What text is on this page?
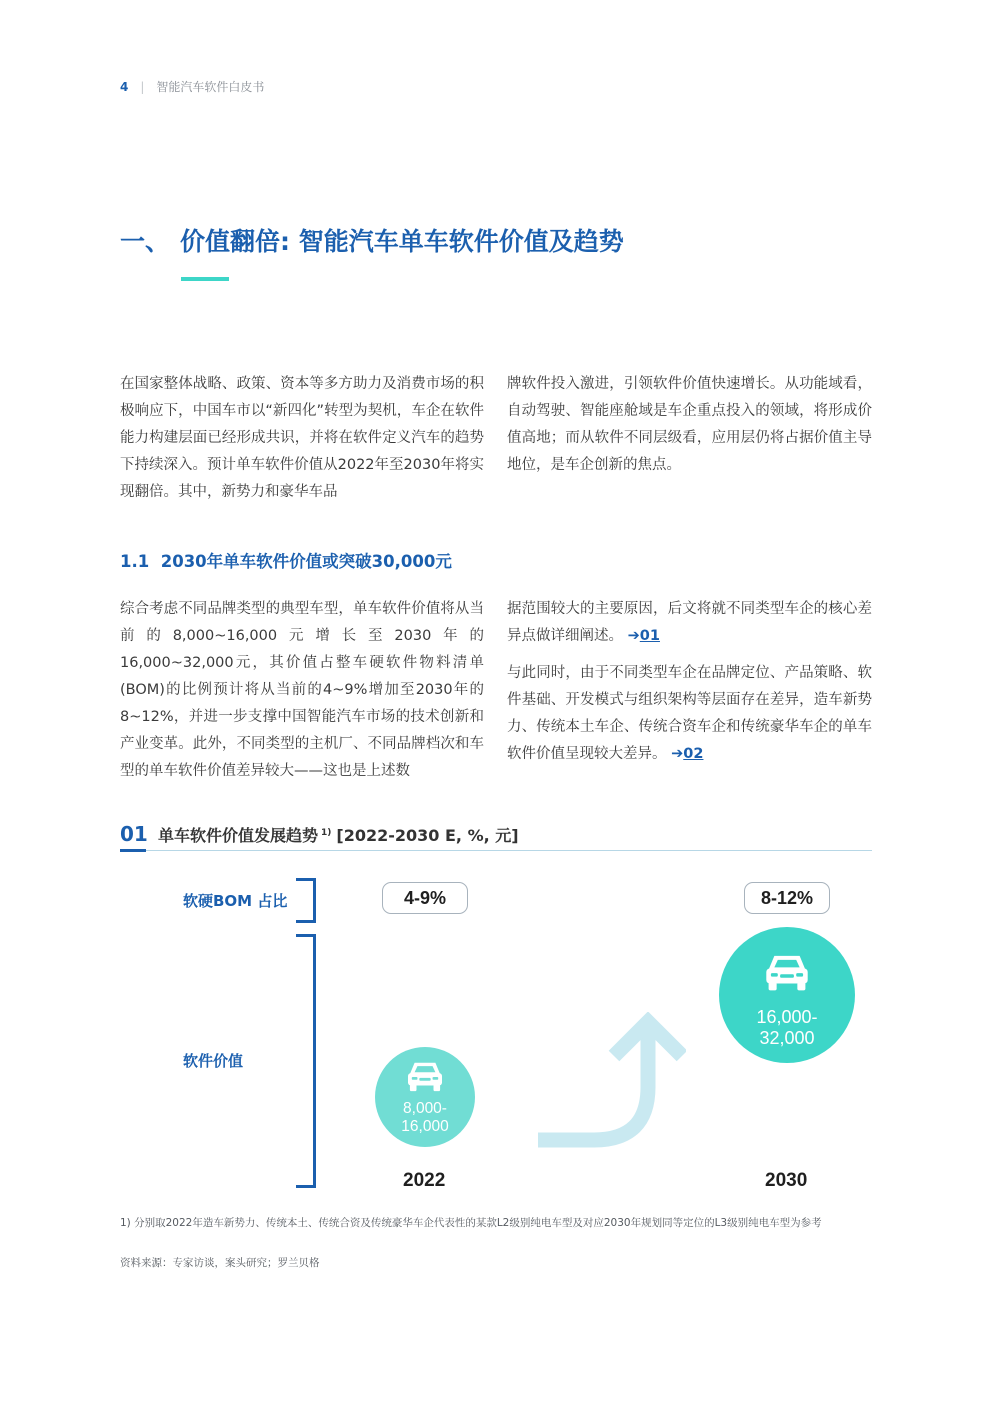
4 | 智能汽车软件白皮书
一、 价值翻倍: 智能汽车单车软件价值及趋势

在国家整体战略、政策、资本等多方助力及消费市场的积极响应下，中国车市以“新四化”转型为契机，车企在软件能力构建层面已经形成共识，并将在软件定义汽车的趋势下持续深入。预计单车软件价值从2022年至2030年将实现翻倍。其中，新势力和豪华车品

牌软件投入激进，引领软件价值快速增长。从功能域看，自动驾驶、智能座舱域是车企重点投入的领域，将形成价值高地；而从软件不同层级看，应用层仍将占据价值主导地位，是车企创新的焦点。

1.1 2030年单车软件价值或突破30,000元

综合考虑不同品牌类型的典型车型，单车软件价值将从当前的8,000~16,000元增长至2030年的16,000~32,000元，其价值占整车硬软件物料清单(BOM)的比例预计将从当前的4~9%增加至2030年的8~12%，并进一步支撑中国智能汽车市场的技术创新和产业变革。此外，不同类型的主机厂、不同品牌档次和车型的单车软件价值差异较大——这也是上述数

据范围较大的主要原因，后文将就不同类型车企的核心差异点做详细阐述。 ➔01

与此同时，由于不同类型车企在品牌定位、产品策略、软件基础、开发模式与组织架构等层面存在差异，造车新势力、传统本土车企、传统合资车企和传统豪华车企的单车软件价值呈现较大差异。 ➔02

01 单车软件价值发展趋势 $^{1)}$ [2022-2030 E, %, 元]
软硬BOM 占比
软件价值
4-9%	8-12%
8,000-
16,000
16,000-
32,000
2022	2030
1) 分别取2022年造车新势力、传统本土、传统合资及传统豪华车企代表性的某款L2级别纯电车型及对应2030年规划同等定位的L3级别纯电车型为参考
资料来源：专家访谈，案头研究；罗兰贝格
